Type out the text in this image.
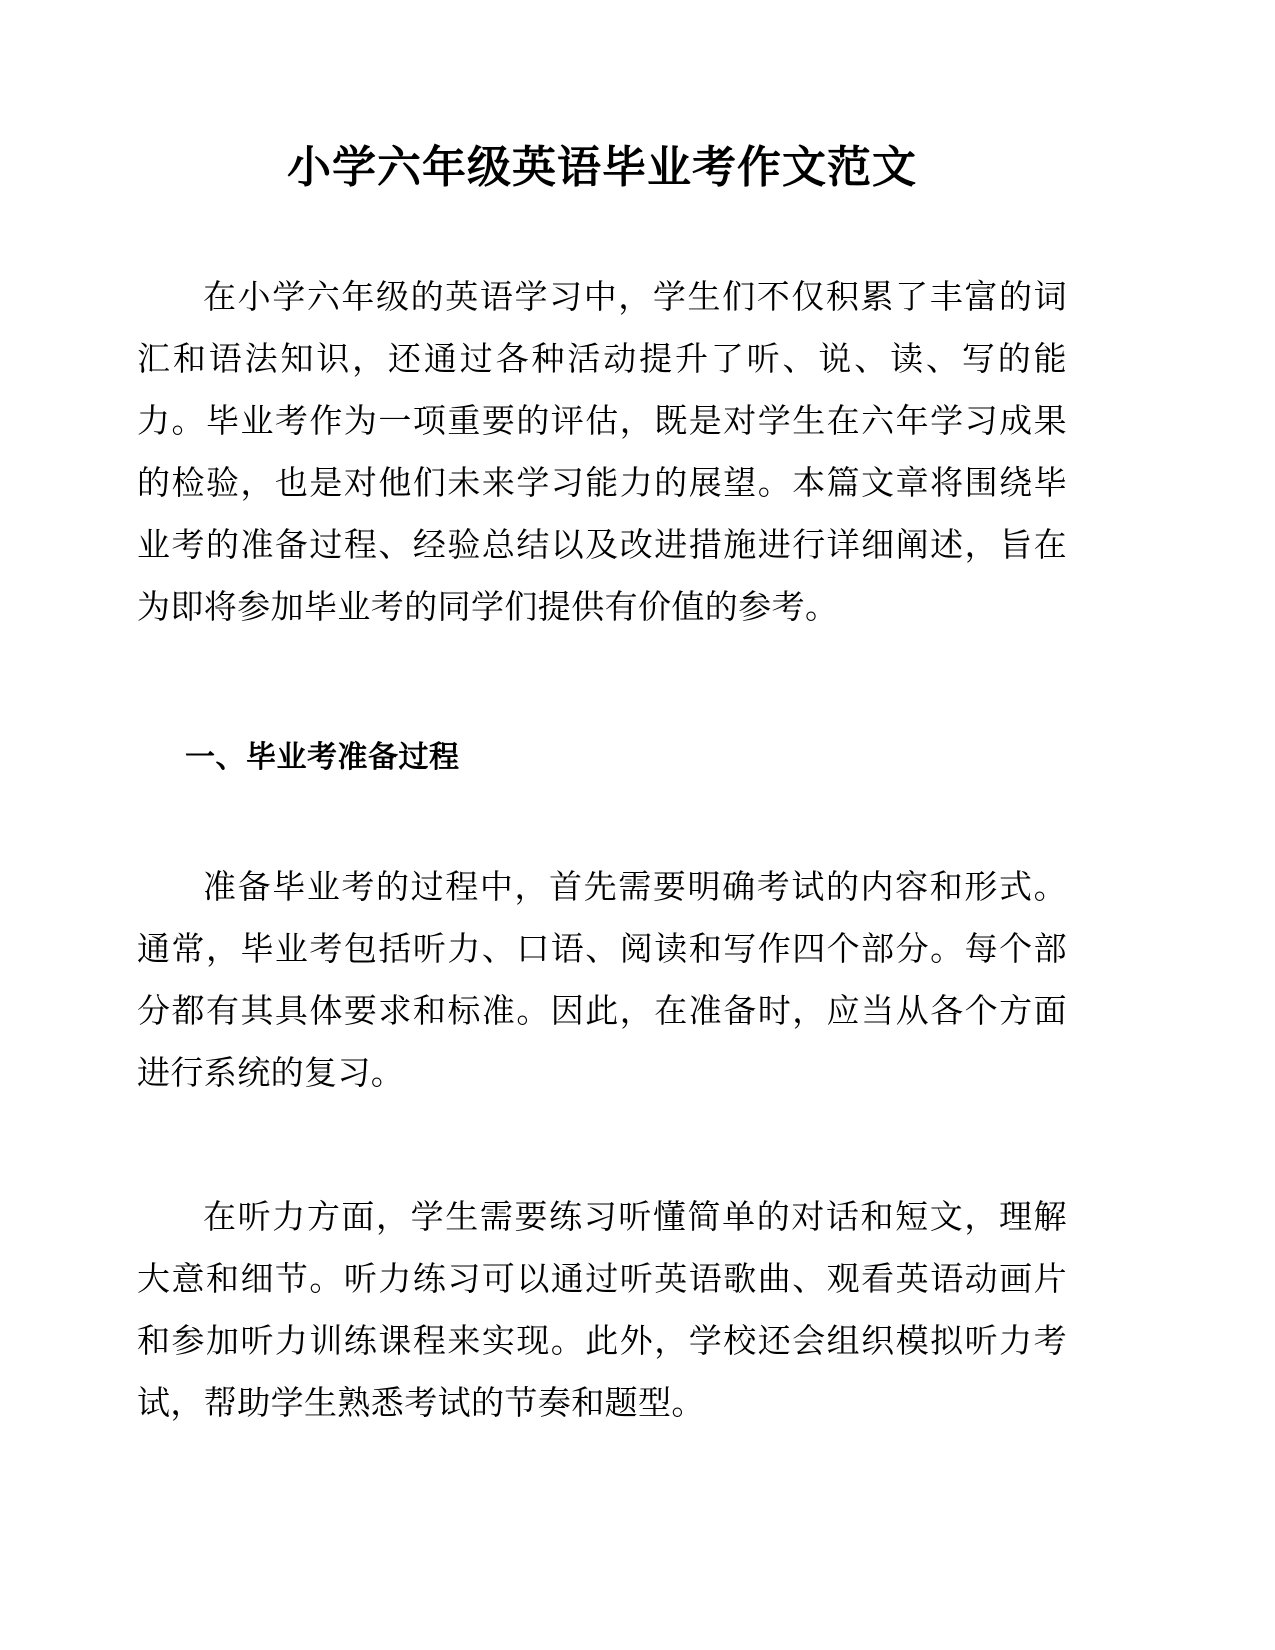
小学六年级英语毕业考作文范文

在小学六年级的英语学习中，学生们不仅积累了丰富的词汇和语法知识，还通过各种活动提升了听、说、读、写的能力。毕业考作为一项重要的评估，既是对学生在六年学习成果的检验，也是对他们未来学习能力的展望。本篇文章将围绕毕业考的准备过程、经验总结以及改进措施进行详细阐述，旨在为即将参加毕业考的同学们提供有价值的参考。

一、毕业考准备过程

准备毕业考的过程中，首先需要明确考试的内容和形式。通常，毕业考包括听力、口语、阅读和写作四个部分。每个部分都有其具体要求和标准。因此，在准备时，应当从各个方面进行系统的复习。

在听力方面，学生需要练习听懂简单的对话和短文，理解大意和细节。听力练习可以通过听英语歌曲、观看英语动画片和参加听力训练课程来实现。此外，学校还会组织模拟听力考试，帮助学生熟悉考试的节奏和题型。
